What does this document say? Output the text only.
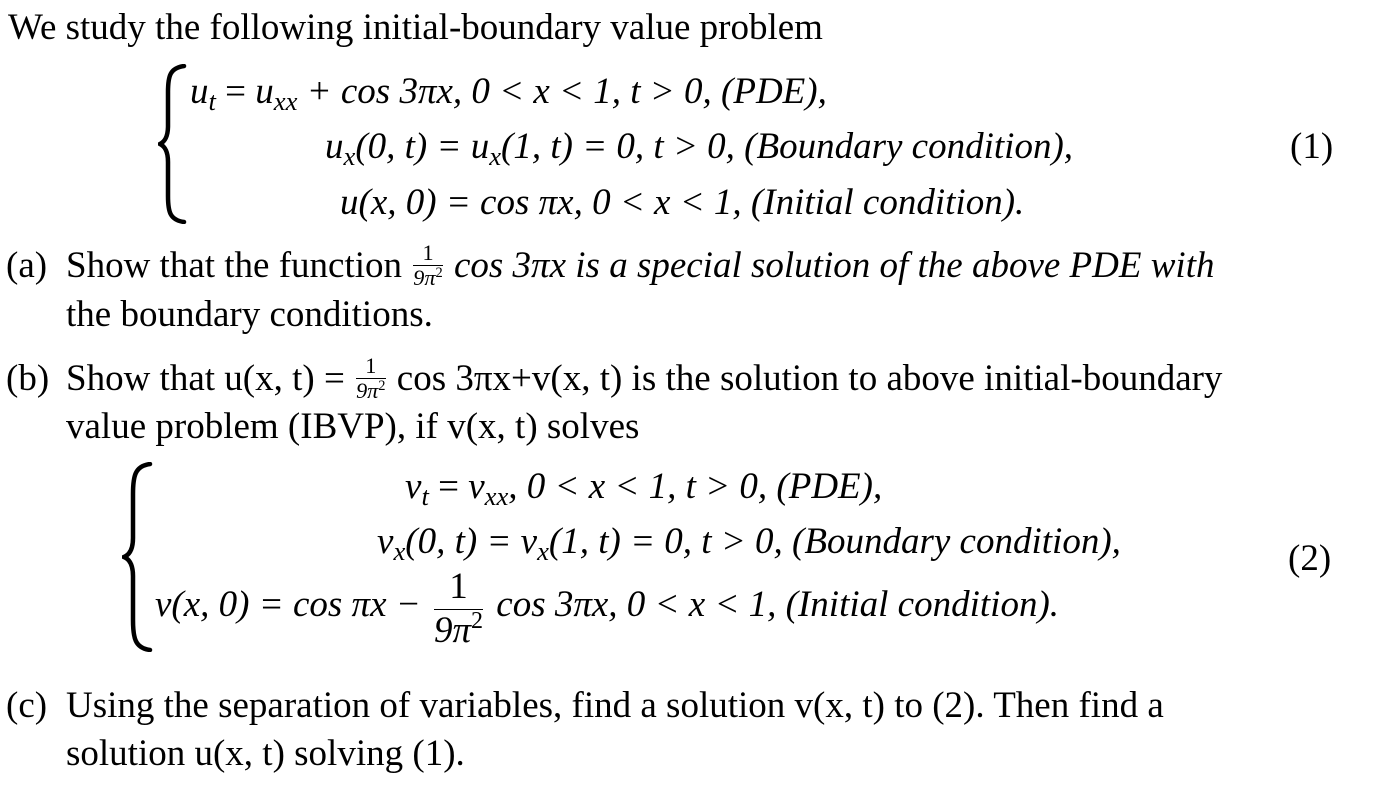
We study the following initial-boundary value problem
$u_t = u_{xx} + \cos 3\pi x$, 0 < x < 1, t > 0, (PDE),
$u_x(0$, $t) = u_x(1$, t) = 0, t > 0, (Boundary condition),
u(x, 0) = cos πx, 0 < x < 1, (Initial condition).
(1)
(a) Show that the function $\frac{1}{9\pi^2}$ cos 3πx is a special solution of the above PDE with
the boundary conditions.
(b) Show that u(x, $t) = \frac{1}{9\pi^2}$ cos 3πx+v(x, t) is the solution to above initial-boundary
value problem (IBVP), if v(x, t) solves
$v_t = v_{xx}$, 0 < x < 1, t > 0, (PDE),
$v_x(0$, $t) = v_x(1$, t) = 0, t > 0, (Boundary condition),
v(x, $0) = \cos \pi x - \frac{1}{9\pi^2}$ cos 3πx, 0 < x < 1, (Initial condition).
(2)
(c) Using the separation of variables, find a solution v(x, t) to (2). Then find a
solution u(x, t) solving (1).
